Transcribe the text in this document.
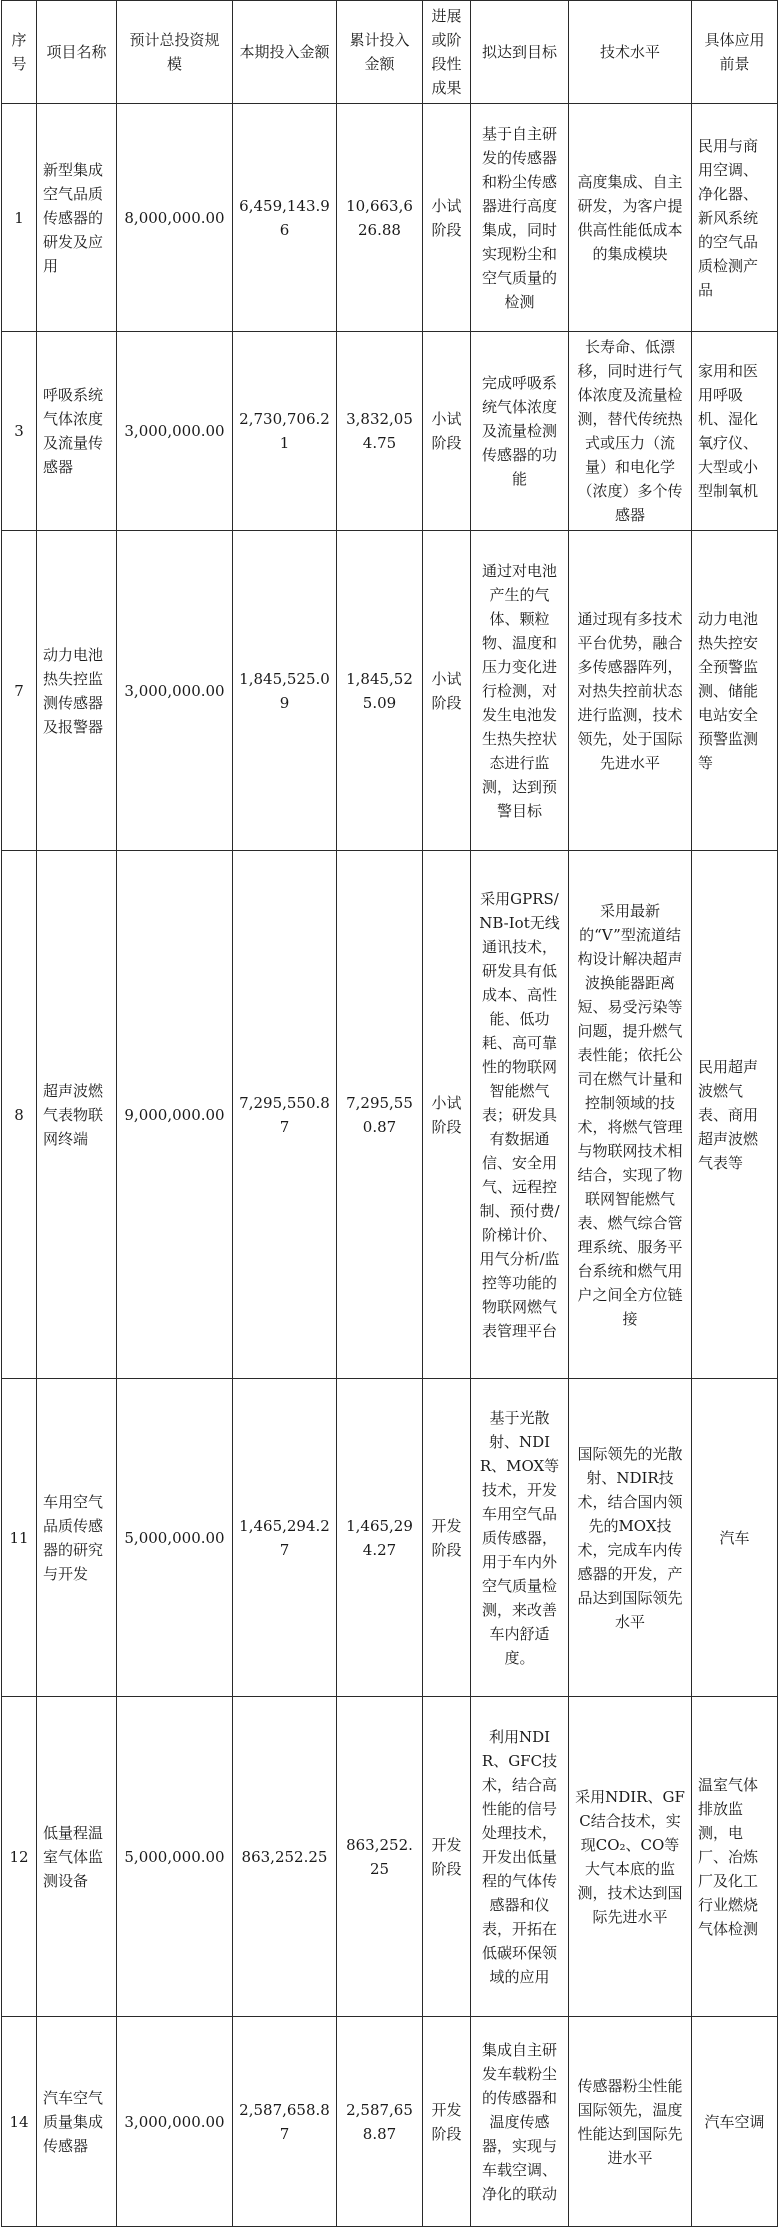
序号	项目名称	预计总投资规模	本期投入金额	累计投入金额	进展或阶段性成果	拟达到目标	技术水平	具体应用前景
1	新型集成空气品质传感器的研发及应用	8,000,000.00	6,459,143.96	10,663,626.88	小试阶段	基于自主研发的传感器和粉尘传感器进行高度集成，同时实现粉尘和空气质量的检测	高度集成、自主研发，为客户提供高性能低成本的集成模块	民用与商用空调、净化器、新风系统的空气品质检测产品
3	呼吸系统气体浓度及流量传感器	3,000,000.00	2,730,706.21	3,832,054.75	小试阶段	完成呼吸系统气体浓度及流量检测传感器的功能	长寿命、低漂移，同时进行气体浓度及流量检测，替代传统热式或压力（流量）和电化学（浓度）多个传感器	家用和医用呼吸机、湿化氧疗仪、大型或小型制氧机
7	动力电池热失控监测传感器及报警器	3,000,000.00	1,845,525.09	1,845,525.09	小试阶段	通过对电池产生的气体、颗粒物、温度和压力变化进行检测，对发生电池发生热失控状态进行监测，达到预警目标	通过现有多技术平台优势，融合多传感器阵列，对热失控前状态进行监测，技术领先，处于国际先进水平	动力电池热失控安全预警监测、储能电站安全预警监测等
8	超声波燃气表物联网终端	9,000,000.00	7,295,550.87	7,295,550.87	小试阶段	采用GPRS/NB-Iot无线通讯技术，研发具有低成本、高性能、低功耗、高可靠性的物联网智能燃气表；研发具有数据通信、安全用气、远程控制、预付费/阶梯计价、用气分析/监控等功能的物联网燃气表管理平台	采用最新的“V”型流道结构设计解决超声波换能器距离短、易受污染等问题，提升燃气表性能；依托公司在燃气计量和控制领域的技术，将燃气管理与物联网技术相结合，实现了物联网智能燃气表、燃气综合管理系统、服务平台系统和燃气用户之间全方位链接	民用超声波燃气表、商用超声波燃气表等
11	车用空气品质传感器的研究与开发	5,000,000.00	1,465,294.27	1,465,294.27	开发阶段	基于光散射、NDIR、MOX等技术，开发车用空气品质传感器，用于车内外空气质量检测，来改善车内舒适度。	国际领先的光散射、NDIR技术，结合国内领先的MOX技术，完成车内传感器的开发，产品达到国际领先水平	汽车
12	低量程温室气体监测设备	5,000,000.00	863,252.25	863,252.25	开发阶段	利用NDIR、GFC技术，结合高性能的信号处理技术，开发出低量程的气体传感器和仪表，开拓在低碳环保领域的应用	采用NDIR、GFC结合技术，实现CO₂、CO等大气本底的监测，技术达到国际先进水平	温室气体排放监测，电厂、冶炼厂及化工行业燃烧气体检测
14	汽车空气质量集成传感器	3,000,000.00	2,587,658.87	2,587,658.87	开发阶段	集成自主研发车载粉尘的传感器和温度传感器，实现与车载空调、净化的联动	传感器粉尘性能国际领先，温度性能达到国际先进水平	汽车空调
